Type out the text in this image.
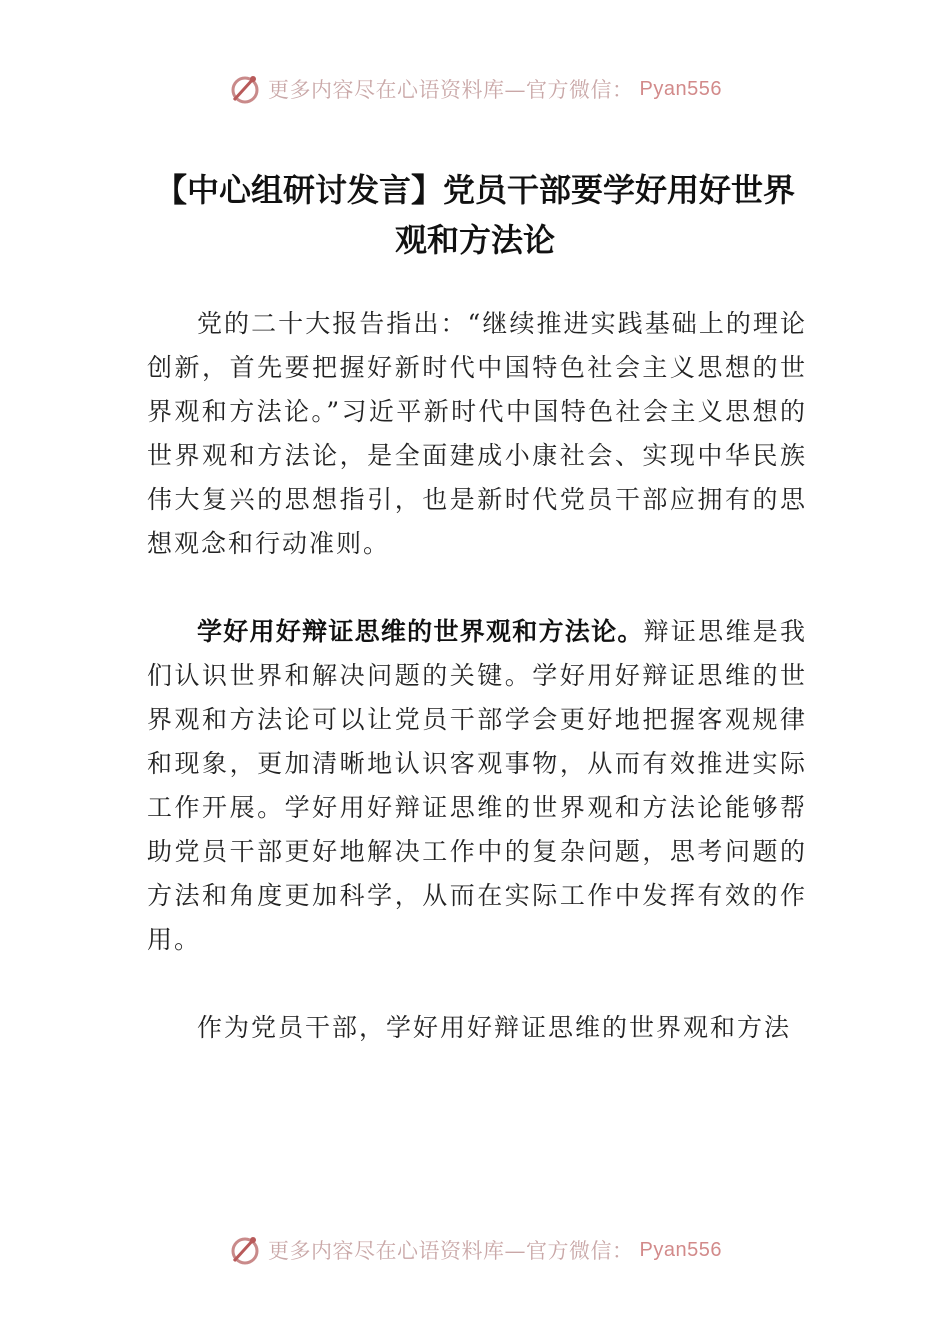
更多内容尽在心语资料库—官方微信： Pyan556
【中心组研讨发言】党员干部要学好用好世界观和方法论

党的二十大报告指出：“继续推进实践基础上的理论创新，首先要把握好新时代中国特色社会主义思想的世界观和方法论。”习近平新时代中国特色社会主义思想的世界观和方法论，是全面建成小康社会、实现中华民族伟大复兴的思想指引，也是新时代党员干部应拥有的思想观念和行动准则。

学好用好辩证思维的世界观和方法论。辩证思维是我们认识世界和解决问题的关键。学好用好辩证思维的世界观和方法论可以让党员干部学会更好地把握客观规律和现象，更加清晰地认识客观事物，从而有效推进实际工作开展。学好用好辩证思维的世界观和方法论能够帮助党员干部更好地解决工作中的复杂问题，思考问题的方法和角度更加科学，从而在实际工作中发挥有效的作用。

作为党员干部，学好用好辩证思维的世界观和方法

更多内容尽在心语资料库—官方微信： Pyan556
